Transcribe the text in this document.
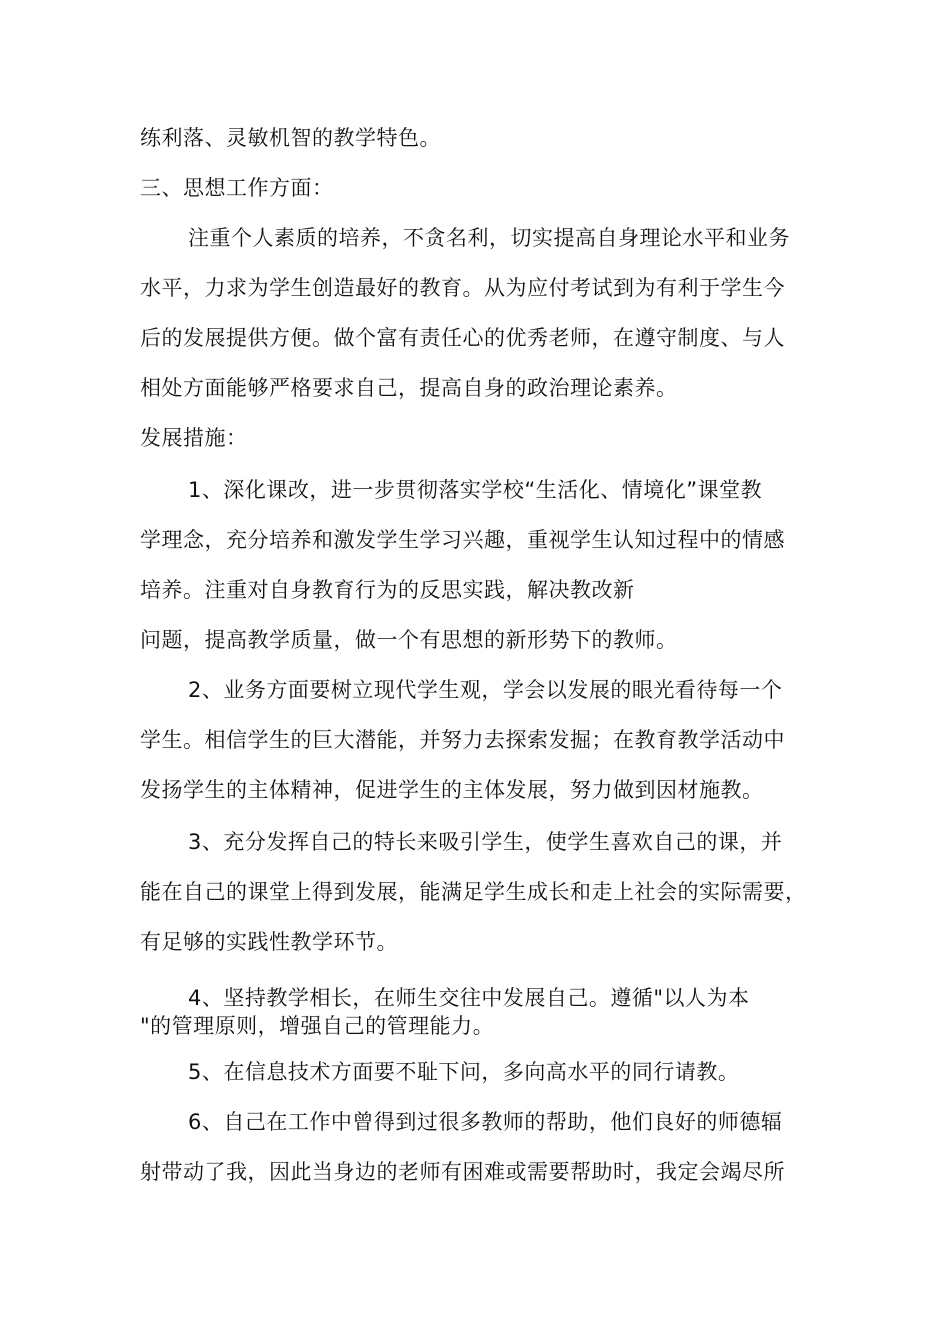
练利落、灵敏机智的教学特色。
三、思想工作方面：
注重个人素质的培养，不贪名利，切实提高自身理论水平和业务
水平，力求为学生创造最好的教育。从为应付考试到为有利于学生今
后的发展提供方便。做个富有责任心的优秀老师，在遵守制度、与人
相处方面能够严格要求自己，提高自身的政治理论素养。
发展措施：
1、深化课改，进一步贯彻落实学校“生活化、情境化”课堂教
学理念，充分培养和激发学生学习兴趣，重视学生认知过程中的情感
培养。注重对自身教育行为的反思实践，解决教改新
问题，提高教学质量，做一个有思想的新形势下的教师。
2、业务方面要树立现代学生观，学会以发展的眼光看待每一个
学生。相信学生的巨大潜能，并努力去探索发掘；在教育教学活动中
发扬学生的主体精神，促进学生的主体发展，努力做到因材施教。
3、充分发挥自己的特长来吸引学生，使学生喜欢自己的课，并
能在自己的课堂上得到发展，能满足学生成长和走上社会的实际需要，
有足够的实践性教学环节。
4、坚持教学相长，在师生交往中发展自己。遵循"以人为本
"的管理原则，增强自己的管理能力。
5、在信息技术方面要不耻下问，多向高水平的同行请教。
6、自己在工作中曾得到过很多教师的帮助，他们良好的师德辐
射带动了我，因此当身边的老师有困难或需要帮助时，我定会竭尽所
